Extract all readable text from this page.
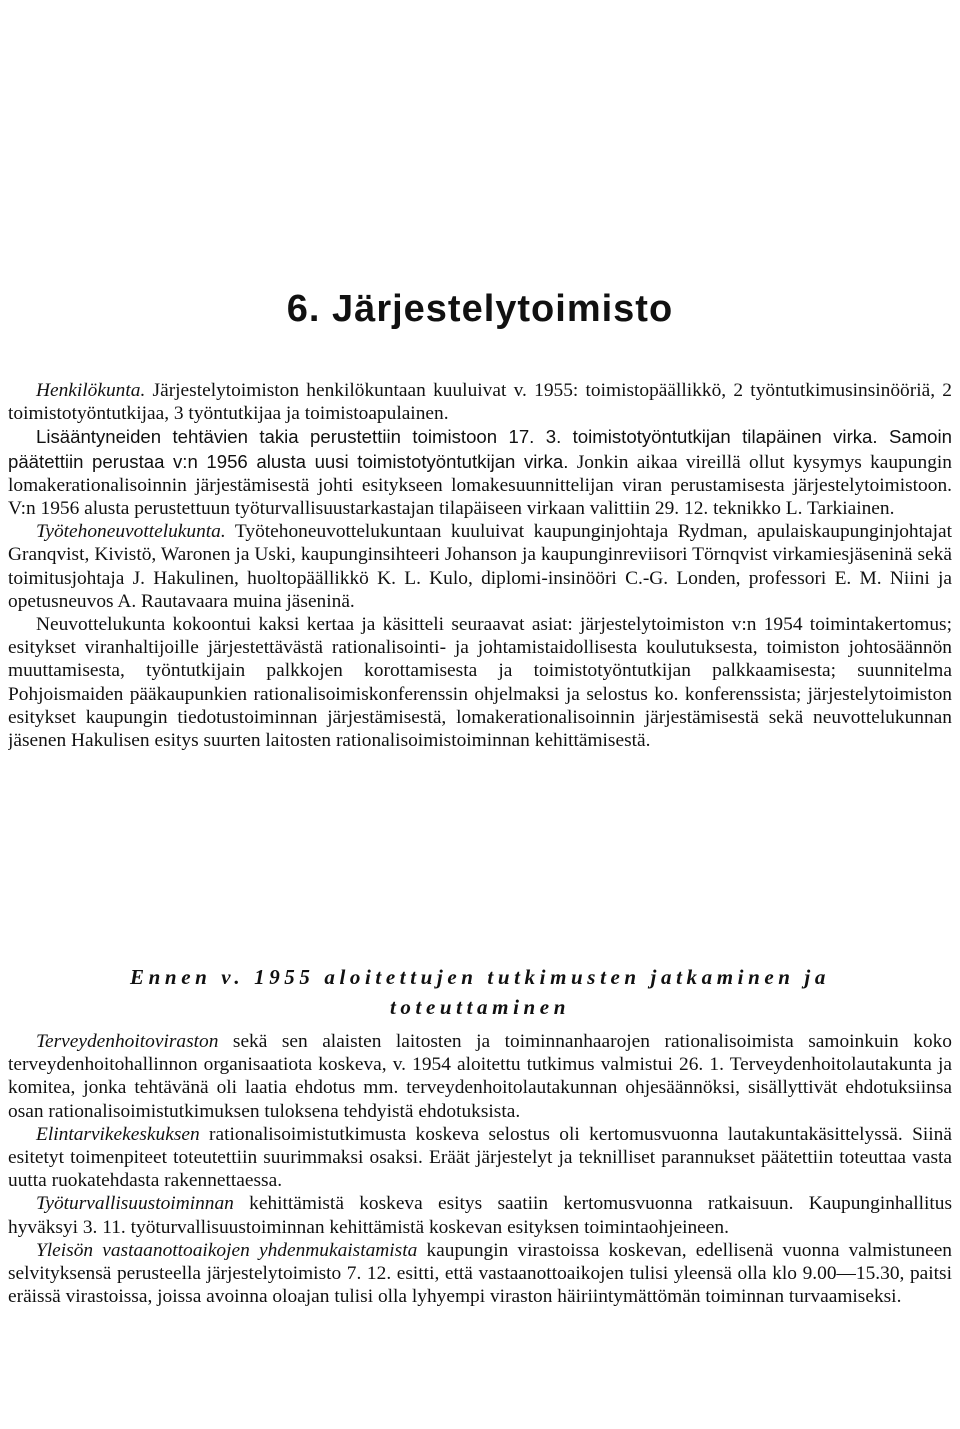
6. Järjestelytoimisto

Henkilökunta. Järjestelytoimiston henkilökuntaan kuuluivat v. 1955: toimistopäällikkö, 2 työntutkimusinsinööriä, 2 toimistotyöntutkijaa, 3 työntutkijaa ja toimistoapulainen.

Lisääntyneiden tehtävien takia perustettiin toimistoon 17. 3. toimistotyöntutkijan tilapäinen virka. Samoin päätettiin perustaa v:n 1956 alusta uusi toimistotyöntutkijan virka. Jonkin aikaa vireillä ollut kysymys kaupungin lomakerationalisoinnin järjestämisestä johti esitykseen lomakesuunnittelijan viran perustamisesta järjestelytoimistoon. V:n 1956 alusta perustettuun työturvallisuustarkastajan tilapäiseen virkaan valittiin 29. 12. teknikko L. Tarkiainen.

Työtehoneuvottelukunta. Työtehoneuvottelukuntaan kuuluivat kaupunginjohtaja Rydman, apulaiskaupunginjohtajat Granqvist, Kivistö, Waronen ja Uski, kaupunginsihteeri Johanson ja kaupunginreviisori Törnqvist virkamiesjäseninä sekä toimitusjohtaja J. Hakulinen, huoltopäällikkö K. L. Kulo, diplomi-insinööri C.-G. Londen, professori E. M. Niini ja opetusneuvos A. Rautavaara muina jäseninä.

Neuvottelukunta kokoontui kaksi kertaa ja käsitteli seuraavat asiat: järjestelytoimiston v:n 1954 toimintakertomus; esitykset viranhaltijoille järjestettävästä rationalisointi- ja johtamistaidollisesta koulutuksesta, toimiston johtosäännön muuttamisesta, työntutkijain palkkojen korottamisesta ja toimistotyöntutkijan palkkaamisesta; suunnitelma Pohjoismaiden pääkaupunkien rationalisoimiskonferenssin ohjelmaksi ja selostus ko. konferenssista; järjestelytoimiston esitykset kaupungin tiedotustoiminnan järjestämisestä, lomakerationalisoinnin järjestämisestä sekä neuvottelukunnan jäsenen Hakulisen esitys suurten laitosten rationalisoimistoiminnan kehittämisestä.

Ennen v. 1955 aloitettujen tutkimusten jatkaminen ja
toteuttaminen

Terveydenhoitoviraston sekä sen alaisten laitosten ja toiminnanhaarojen rationalisoimista samoinkuin koko terveydenhoitohallinnon organisaatiota koskeva, v. 1954 aloitettu tutkimus valmistui 26. 1. Terveydenhoitolautakunta ja komitea, jonka tehtävänä oli laatia ehdotus mm. terveydenhoitolautakunnan ohjesäännöksi, sisällyttivät ehdotuksiinsa osan rationalisoimistutkimuksen tuloksena tehdyistä ehdotuksista.

Elintarvikekeskuksen rationalisoimistutkimusta koskeva selostus oli kertomusvuonna lautakuntakäsittelyssä. Siinä esitetyt toimenpiteet toteutettiin suurimmaksi osaksi. Eräät järjestelyt ja teknilliset parannukset päätettiin toteuttaa vasta uutta ruokatehdasta rakennettaessa.

Työturvallisuustoiminnan kehittämistä koskeva esitys saatiin kertomusvuonna ratkaisuun. Kaupunginhallitus hyväksyi 3. 11. työturvallisuustoiminnan kehittämistä koskevan esityksen toimintaohjeineen.

Yleisön vastaanottoaikojen yhdenmukaistamista kaupungin virastoissa koskevan, edellisenä vuonna valmistuneen selvityksensä perusteella järjestelytoimisto 7. 12. esitti, että vastaanottoaikojen tulisi yleensä olla klo 9.00—15.30, paitsi eräissä virastoissa, joissa avoinna oloajan tulisi olla lyhyempi viraston häiriintymättömän toiminnan turvaamiseksi.
